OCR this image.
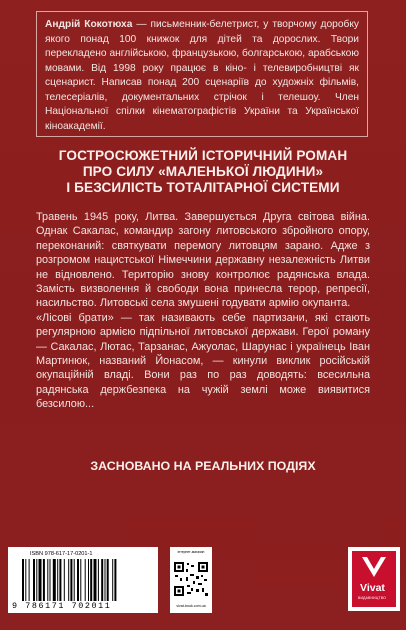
Андрій Кокотюха — письменник-белетрист, у творчому доробку якого понад 100 книжок для дітей та дорослих. Твори перекладено англійською, французькою, болгарською, арабською мовами. Від 1998 року працює в кіно- і телевиробництві як сценарист. Написав понад 200 сценаріїв до художніх фільмів, телесеріалів, документальних стрічок і телешоу. Член Національної спілки кінематографістів України та Української кіноакадемії.
ГОСТРОСЮЖЕТНИЙ ІСТОРИЧНИЙ РОМАН
ПРО СИЛУ «МАЛЕНЬКОЇ ЛЮДИНИ»
І БЕЗСИЛІСТЬ ТОТАЛІТАРНОЇ СИСТЕМИ

Травень 1945 року, Литва. Завершується Друга світова війна. Однак Сакалас, командир загону литовського збройного опору, переконаний: святкувати перемогу литовцям зарано. Адже з розгромом нацистської Німеччини державну незалежність Литви не відновлено. Територію знову контролює радянська влада. Замість визволення й свободи вона принесла терор, репресії, насильство. Литовські села змушені годувати армію окупанта.

«Лісові брати» — так називають себе партизани, які стають регулярною армією підпільної литовської держави. Герої роману — Сакалас, Лютас, Тарзанас, Ажуолас, Шарунас і українець Іван Мартинюк, названий Йонасом, — кинули виклик російській окупаційній владі. Вони раз по раз доводять: всесильна радянська держбезпека на чужій землі може виявитися безсилою...

ЗАСНОВАНО НА РЕАЛЬНИХ ПОДІЯХ
ISBN 978-617-17-0201-1
9 786171 702011
інтернет-магазин
vivat-book.com.ua
Vivat
ВИДАВНИЦТВО
